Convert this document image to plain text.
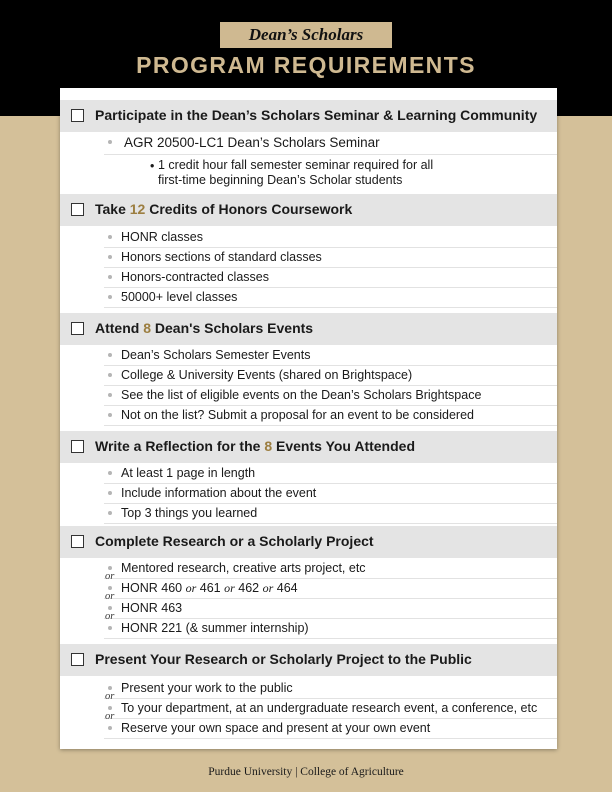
Dean’s Scholars
PROGRAM REQUIREMENTS
Participate in the Dean’s Scholars Seminar & Learning Community
AGR 20500-LC1 Dean’s Scholars Seminar
• 1 credit hour fall semester seminar required for all
first-time beginning Dean’s Scholar students
Take 12 Credits of Honors Coursework
HONR classes
Honors sections of standard classes
Honors-contracted classes
50000+ level classes
Attend 8 Dean's Scholars Events
Dean’s Scholars Semester Events
College & University Events (shared on Brightspace)
See the list of eligible events on the Dean’s Scholars Brightspace
Not on the list? Submit a proposal for an event to be considered
Write a Reflection for the 8 Events You Attended
At least 1 page in length
Include information about the event
Top 3 things you learned
Complete Research or a Scholarly Project
Mentored research, creative arts project, etc
HONR 460 or 461 or 462 or 464
HONR 463
HONR 221 (& summer internship)
or
or
or
Present Your Research or Scholarly Project to the Public
Present your work to the public
To your department, at an undergraduate research event, a conference, etc
Reserve your own space and present at your own event
or
or
Purdue University | College of Agriculture
